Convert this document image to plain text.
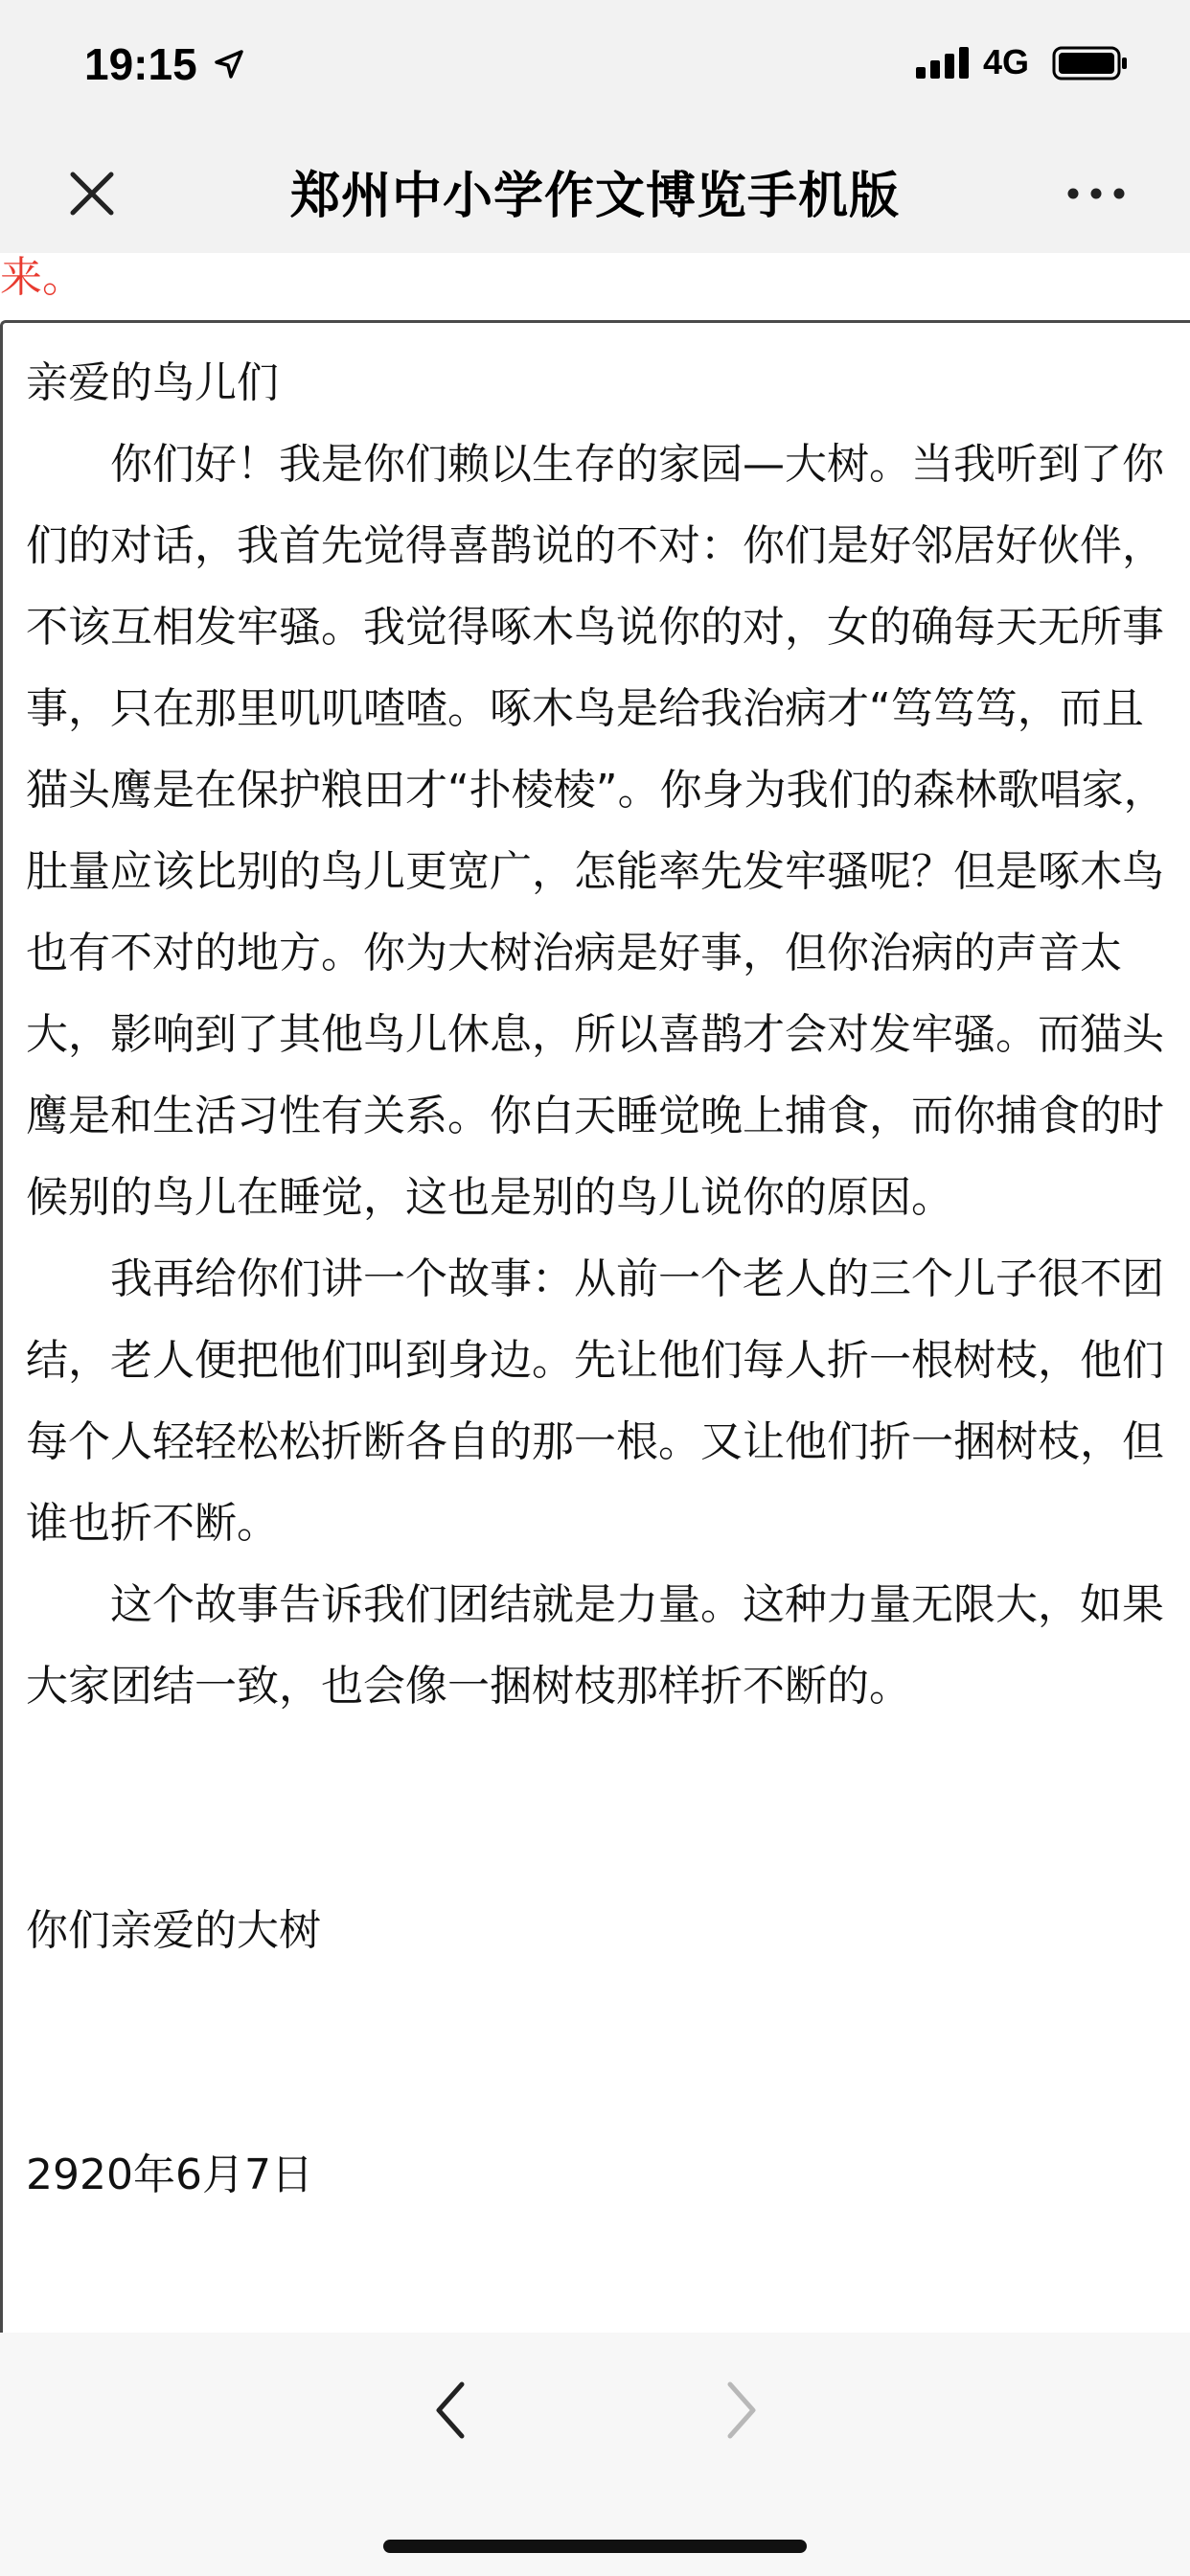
19:15	4G
郑州中小学作文博览手机版
来。

亲爱的鸟儿们

你们好！我是你们赖以生存的家园—大树。当我听到了你们的对话，我首先觉得喜鹊说的不对：你们是好邻居好伙伴，不该互相发牢骚。我觉得啄木鸟说你的对，女的确每天无所事事，只在那里叽叽喳喳。啄木鸟是给我治病才“笃笃笃，而且猫头鹰是在保护粮田才“扑棱棱”。你身为我们的森林歌唱家，肚量应该比别的鸟儿更宽广，怎能率先发牢骚呢？但是啄木鸟也有不对的地方。你为大树治病是好事，但你治病的声音太大，影响到了其他鸟儿休息，所以喜鹊才会对发牢骚。而猫头鹰是和生活习性有关系。你白天睡觉晚上捕食，而你捕食的时候别的鸟儿在睡觉，这也是别的鸟儿说你的原因。

我再给你们讲一个故事：从前一个老人的三个儿子很不团结，老人便把他们叫到身边。先让他们每人折一根树枝，他们每个人轻轻松松折断各自的那一根。又让他们折一捆树枝，但谁也折不断。

这个故事告诉我们团结就是力量。这种力量无限大，如果大家团结一致，也会像一捆树枝那样折不断的。

你们亲爱的大树

2920年6月7日
